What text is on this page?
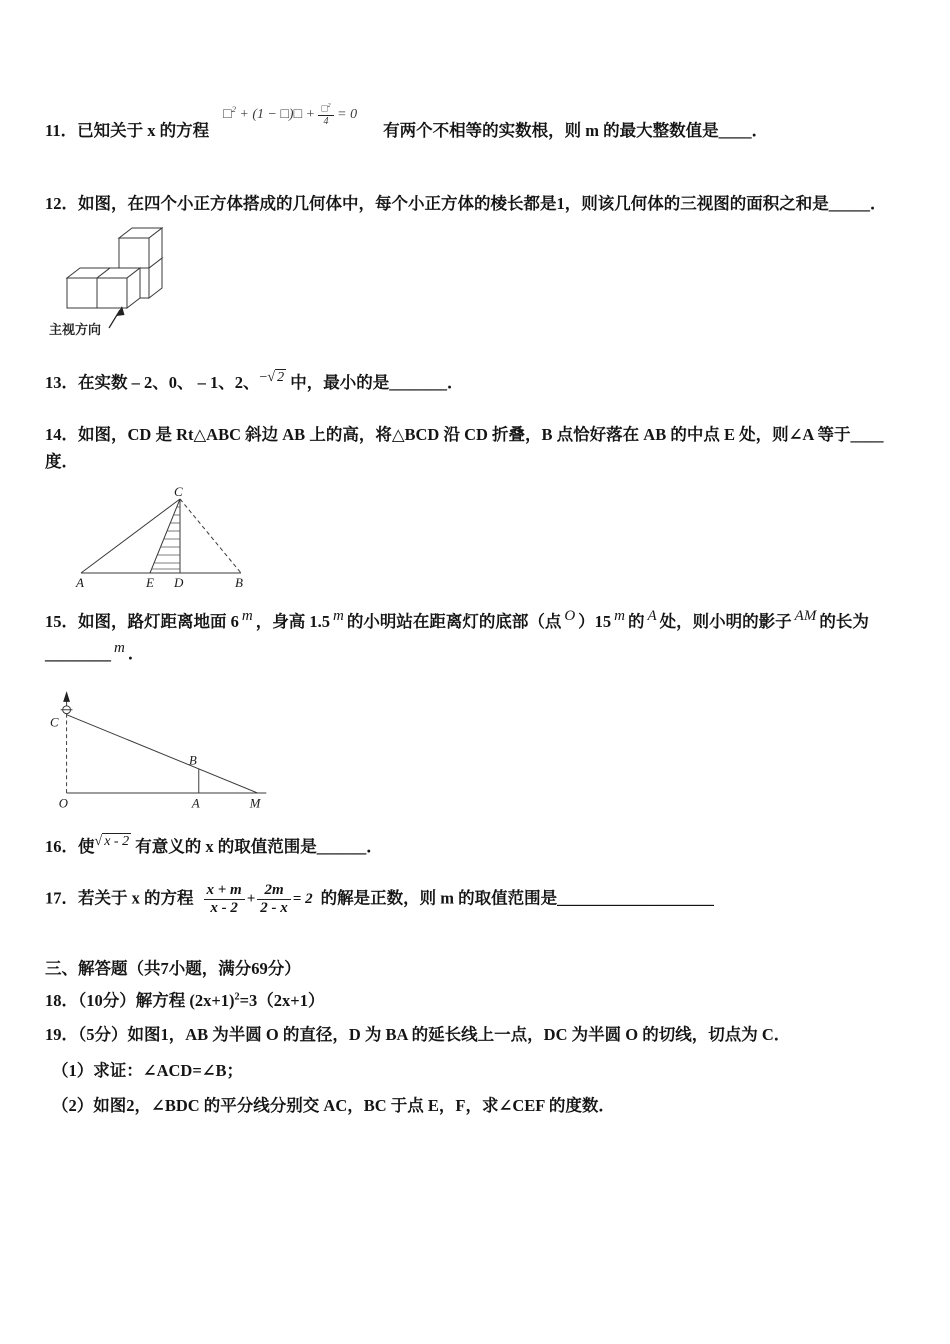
11．已知关于 x 的方程□$^2$ + (1 − □)□ + $\frac{□^2}{4} = 0$有两个不相等的实数根，则 m 的最大整数值是____．
12．如图，在四个小正方体搭成的几何体中，每个小正方体的棱长都是1，则该几何体的三视图的面积之和是_____．
主视方向
13．在实数 – 2、0、 – 1、2、$^{-√ 2}$ 中，最小的是_______．
14．如图，CD 是 Rt△ABC 斜边 AB 上的高，将△BCD 沿 CD 折叠，B 点恰好落在 AB 的中点 E 处，则∠A 等于____
度．
A	E D	B
C
15．如图，路灯距离地面 6 m ，身高 1.5 m 的小明站在距离灯的底部（点 O ）15 m 的 A 处，则小明的影子 AM 的长为
________ m ．
C
O	A
B
M
16．使$^{√ x - 2}$ 有意义的 x 的取值范围是______．
17．若关于 x 的方程 $\frac{x + m}{x - 2} + \frac{2m}{2 - x} = 2$ 的解是正数，则 m 的取值范围是___________________
三、解答题（共7小题，满分69分）
18．（10分）解方程 $(2x+1)^2=3(2x+1)$
19．（5分）如图1，AB 为半圆 O 的直径，D 为 BA 的延长线上一点，DC 为半圆 O 的切线，切点为 C．
（1）求证：∠ACD=∠B；
（2）如图2，∠BDC 的平分线分别交 AC，BC 于点 E，F，求∠CEF 的度数．
